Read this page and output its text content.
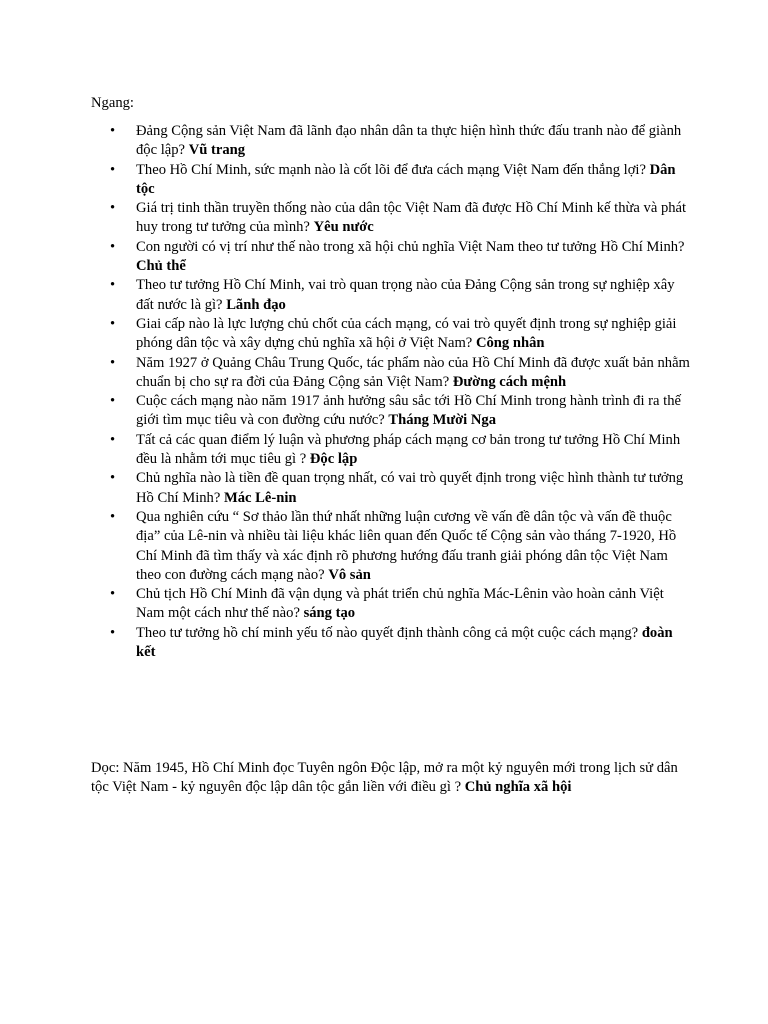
Ngang:

• Đảng Cộng sản Việt Nam đã lãnh đạo nhân dân ta thực hiện hình thức đấu tranh nào để giành độc lập? Vũ trang
• Theo Hồ Chí Minh, sức mạnh nào là cốt lõi để đưa cách mạng Việt Nam đến thắng lợi? Dân tộc
• Giá trị tinh thần truyền thống nào của dân tộc Việt Nam đã được Hồ Chí Minh kế thừa và phát huy trong tư tưởng của mình? Yêu nước
• Con người có vị trí như thế nào trong xã hội chủ nghĩa Việt Nam theo tư tưởng Hồ Chí Minh? Chủ thể
• Theo tư tưởng Hồ Chí Minh, vai trò quan trọng nào của Đảng Cộng sản trong sự nghiệp xây đất nước là gì? Lãnh đạo
• Giai cấp nào là lực lượng chủ chốt của cách mạng, có vai trò quyết định trong sự nghiệp giải phóng dân tộc và xây dựng chủ nghĩa xã hội ở Việt Nam? Công nhân
• Năm 1927 ở Quảng Châu Trung Quốc, tác phẩm nào của Hồ Chí Minh đã được xuất bản nhằm chuẩn bị cho sự ra đời của Đảng Cộng sản Việt Nam? Đường cách mệnh
• Cuộc cách mạng nào năm 1917 ảnh hưởng sâu sắc tới Hồ Chí Minh trong hành trình đi ra thế giới tìm mục tiêu và con đường cứu nước? Tháng Mười Nga
• Tất cả các quan điểm lý luận và phương pháp cách mạng cơ bản trong tư tưởng Hồ Chí Minh đều là nhằm tới mục tiêu gì ? Độc lập
• Chủ nghĩa nào là tiền đề quan trọng nhất, có vai trò quyết định trong việc hình thành tư tưởng Hồ Chí Minh? Mác Lê-nin
• Qua nghiên cứu “ Sơ thảo lần thứ nhất những luận cương về vấn đề dân tộc và vấn đề thuộc địa” của Lê-nin và nhiều tài liệu khác liên quan đến Quốc tế Cộng sản vào tháng 7-1920, Hồ Chí Minh đã tìm thấy và xác định rõ phương hướng đấu tranh giải phóng dân tộc Việt Nam theo con đường cách mạng nào? Vô sản
• Chủ tịch Hồ Chí Minh đã vận dụng và phát triển chủ nghĩa Mác-Lênin vào hoàn cảnh Việt Nam một cách như thế nào? sáng tạo
• Theo tư tưởng hồ chí minh yếu tố nào quyết định thành công cả một cuộc cách mạng? đoàn kết

Dọc: Năm 1945, Hồ Chí Minh đọc Tuyên ngôn Độc lập, mở ra một kỷ nguyên mới trong lịch sử dân tộc Việt Nam - kỷ nguyên độc lập dân tộc gắn liền với điều gì ? Chủ nghĩa xã hội
